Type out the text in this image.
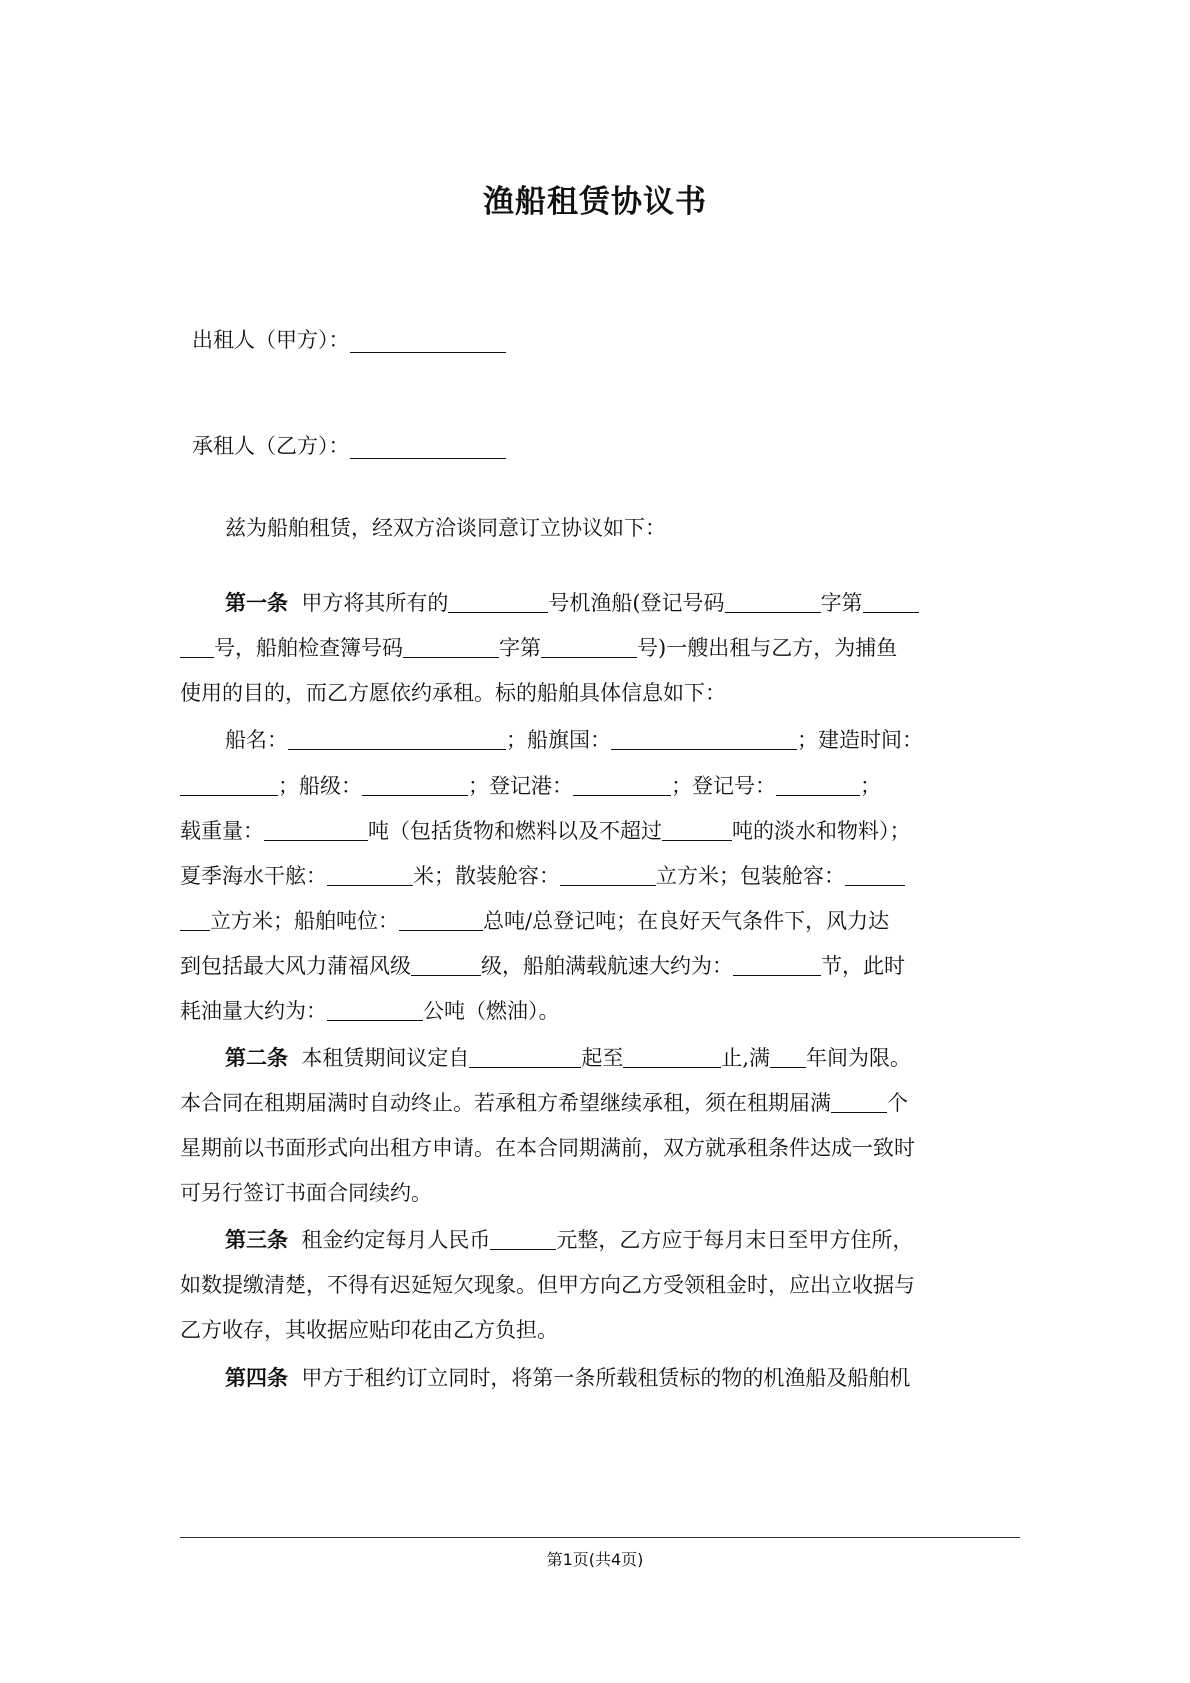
渔船租赁协议书
出租人（甲方）：
承租人（乙方）：
兹为船舶租赁，经双方洽谈同意订立协议如下：
第一条 甲方将其所有的	号机渔船(登记号码	字第
号，船舶检查簿号码	字第	号)一艘出租与乙方，为捕鱼
使用的目的，而乙方愿依约承租。标的船舶具体信息如下：
船名：	；船旗国：	；建造时间：
；船级：	；登记港：	；登记号：	；
载重量：	吨（包括货物和燃料以及不超过	吨的淡水和物料）；
夏季海水干舷：	米；散装舱容：	立方米；包装舱容：
立方米；船舶吨位：	总吨/总登记吨；在良好天气条件下，风力达
到包括最大风力蒲福风级	级，船舶满载航速大约为：	节，此时
耗油量大约为：	公吨（燃油）。
第二条 本租赁期间议定自	起至	止,满 年间为限。
本合同在租期届满时自动终止。若承租方希望继续承租，须在租期届满	个
星期前以书面形式向出租方申请。在本合同期满前，双方就承租条件达成一致时
可另行签订书面合同续约。
第三条 租金约定每月人民币	元整，乙方应于每月末日至甲方住所，
如数提缴清楚，不得有迟延短欠现象。但甲方向乙方受领租金时，应出立收据与
乙方收存，其收据应贴印花由乙方负担。
第四条 甲方于租约订立同时，将第一条所载租赁标的物的机渔船及船舶机
第1页(共4页)
